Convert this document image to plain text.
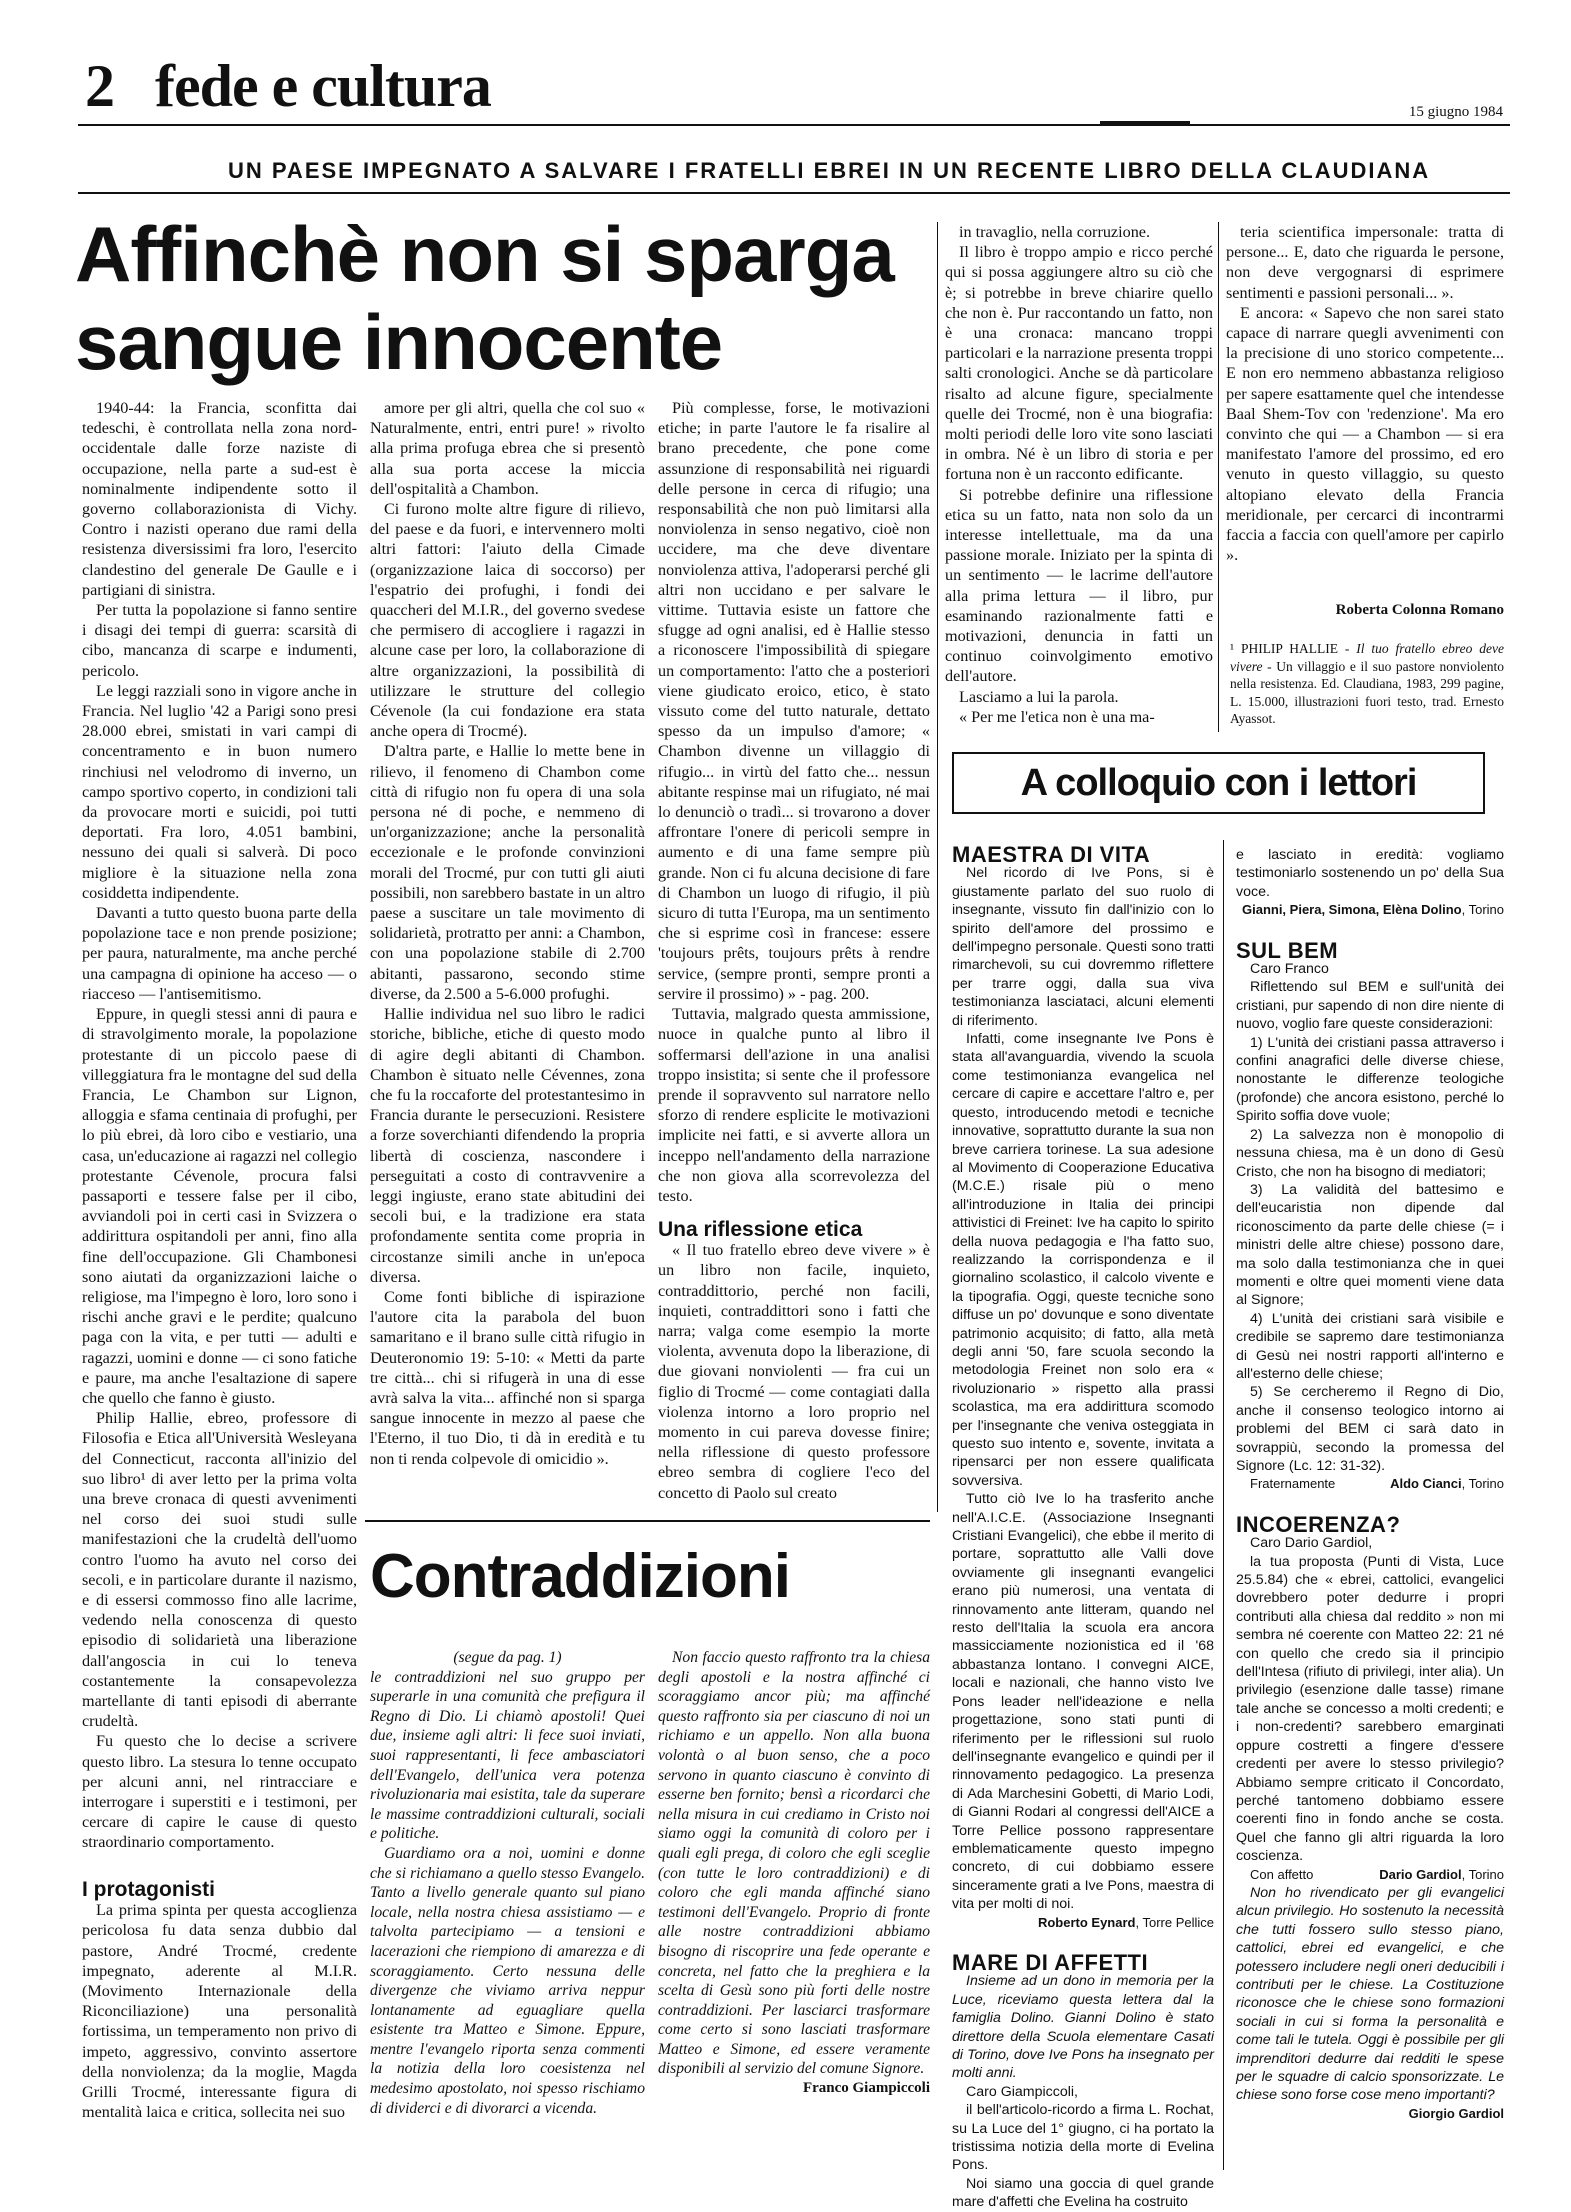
2 fede e cultura	15 giugno 1984
UN PAESE IMPEGNATO A SALVARE I FRATELLI EBREI IN UN RECENTE LIBRO DELLA CLAUDIANA
Affinchè non si sparga sangue innocente

1940-44: la Francia, sconfitta dai tedeschi, è controllata nella zona nord-occidentale dalle forze naziste di occupazione, nella parte a sud-est è nominalmente indipendente sotto il governo collaborazionista di Vichy. Contro i nazisti operano due rami della resistenza diversissimi fra loro, l'esercito clandestino del generale De Gaulle e i partigiani di sinistra.

Per tutta la popolazione si fanno sentire i disagi dei tempi di guerra: scarsità di cibo, mancanza di scarpe e indumenti, pericolo.

Le leggi razziali sono in vigore anche in Francia. Nel luglio '42 a Parigi sono presi 28.000 ebrei, smistati in vari campi di concentramento e in buon numero rinchiusi nel velodromo di inverno, un campo sportivo coperto, in condizioni tali da provocare morti e suicidi, poi tutti deportati. Fra loro, 4.051 bambini, nessuno dei quali si salverà. Di poco migliore è la situazione nella zona cosiddetta indipendente.

Davanti a tutto questo buona parte della popolazione tace e non prende posizione; per paura, naturalmente, ma anche perché una campagna di opinione ha acceso — o riacceso — l'antisemitismo.

Eppure, in quegli stessi anni di paura e di stravolgimento morale, la popolazione protestante di un piccolo paese di villeggiatura fra le montagne del sud della Francia, Le Chambon sur Lignon, alloggia e sfama centinaia di profughi, per lo più ebrei, dà loro cibo e vestiario, una casa, un'educazione ai ragazzi nel collegio protestante Cévenole, procura falsi passaporti e tessere false per il cibo, avviandoli poi in certi casi in Svizzera o addirittura ospitandoli per anni, fino alla fine dell'occupazione. Gli Chambonesi sono aiutati da organizzazioni laiche o religiose, ma l'impegno è loro, loro sono i rischi anche gravi e le perdite; qualcuno paga con la vita, e per tutti — adulti e ragazzi, uomini e donne — ci sono fatiche e paure, ma anche l'esaltazione di sapere che quello che fanno è giusto.

Philip Hallie, ebreo, professore di Filosofia e Etica all'Università Wesleyana del Connecticut, racconta all'inizio del suo libro¹ di aver letto per la prima volta una breve cronaca di questi avvenimenti nel corso dei suoi studi sulle manifestazioni che la crudeltà dell'uomo contro l'uomo ha avuto nel corso dei secoli, e in particolare durante il nazismo, e di essersi commosso fino alle lacrime, vedendo nella conoscenza di questo episodio di solidarietà una liberazione dall'angoscia in cui lo teneva costantemente la consapevolezza martellante di tanti episodi di aberrante crudeltà.

Fu questo che lo decise a scrivere questo libro. La stesura lo tenne occupato per alcuni anni, nel rintracciare e interrogare i superstiti e i testimoni, per cercare di capire le cause di questo straordinario comportamento.

I protagonisti

La prima spinta per questa accoglienza pericolosa fu data senza dubbio dal pastore, André Trocmé, credente impegnato, aderente al M.I.R. (Movimento Internazionale della Riconciliazione) una personalità fortissima, un temperamento non privo di impeto, aggressivo, convinto assertore della nonviolenza; da la moglie, Magda Grilli Trocmé, interessante figura di mentalità laica e critica, sollecita nei suo

amore per gli altri, quella che col suo « Naturalmente, entri, entri pure! » rivolto alla prima profuga ebrea che si presentò alla sua porta accese la miccia dell'ospitalità a Chambon.

Ci furono molte altre figure di rilievo, del paese e da fuori, e intervennero molti altri fattori: l'aiuto della Cimade (organizzazione laica di soccorso) per l'espatrio dei profughi, i fondi dei quaccheri del M.I.R., del governo svedese che permisero di accogliere i ragazzi in alcune case per loro, la collaborazione di altre organizzazioni, la possibilità di utilizzare le strutture del collegio Cévenole (la cui fondazione era stata anche opera di Trocmé).

D'altra parte, e Hallie lo mette bene in rilievo, il fenomeno di Chambon come città di rifugio non fu opera di una sola persona né di poche, e nemmeno di un'organizzazione; anche la personalità eccezionale e le profonde convinzioni morali del Trocmé, pur con tutti gli aiuti possibili, non sarebbero bastate in un altro paese a suscitare un tale movimento di solidarietà, protratto per anni: a Chambon, con una popolazione stabile di 2.700 abitanti, passarono, secondo stime diverse, da 2.500 a 5-6.000 profughi.

Hallie individua nel suo libro le radici storiche, bibliche, etiche di questo modo di agire degli abitanti di Chambon. Chambon è situato nelle Cévennes, zona che fu la roccaforte del protestantesimo in Francia durante le persecuzioni. Resistere a forze soverchianti difendendo la propria libertà di coscienza, nascondere i perseguitati a costo di contravvenire a leggi ingiuste, erano state abitudini dei secoli bui, e la tradizione era stata profondamente sentita come propria in circostanze simili anche in un'epoca diversa.

Come fonti bibliche di ispirazione l'autore cita la parabola del buon samaritano e il brano sulle città rifugio in Deuteronomio 19: 5-10: « Metti da parte tre città... chi si rifugerà in una di esse avrà salva la vita... affinché non si sparga sangue innocente in mezzo al paese che l'Eterno, il tuo Dio, ti dà in eredità e tu non ti renda colpevole di omicidio ».

Più complesse, forse, le motivazioni etiche; in parte l'autore le fa risalire al brano precedente, che pone come assunzione di responsabilità nei riguardi delle persone in cerca di rifugio; una responsabilità che non può limitarsi alla nonviolenza in senso negativo, cioè non uccidere, ma che deve diventare nonviolenza attiva, l'adoperarsi perché gli altri non uccidano e per salvare le vittime. Tuttavia esiste un fattore che sfugge ad ogni analisi, ed è Hallie stesso a riconoscere l'impossibilità di spiegare un comportamento: l'atto che a posteriori viene giudicato eroico, etico, è stato vissuto come del tutto naturale, dettato spesso da un impulso d'amore; « Chambon divenne un villaggio di rifugio... in virtù del fatto che... nessun abitante respinse mai un rifugiato, né mai lo denunciò o tradì... si trovarono a dover affrontare l'onere di pericoli sempre in aumento e di una fame sempre più grande. Non ci fu alcuna decisione di fare di Chambon un luogo di rifugio, il più sicuro di tutta l'Europa, ma un sentimento che si esprime così in francese: essere 'toujours prêts, toujours prêts à rendre service, (sempre pronti, sempre pronti a servire il prossimo) » - pag. 200.

Tuttavia, malgrado questa ammissione, nuoce in qualche punto al libro il soffermarsi dell'azione in una analisi troppo insistita; si sente che il professore prende il sopravvento sul narratore nello sforzo di rendere esplicite le motivazioni implicite nei fatti, e si avverte allora un inceppo nell'andamento della narrazione che non giova alla scorrevolezza del testo.

Una riflessione etica

« Il tuo fratello ebreo deve vivere » è un libro non facile, inquieto, contraddittorio, perché non facili, inquieti, contraddittori sono i fatti che narra; valga come esempio la morte violenta, avvenuta dopo la liberazione, di due giovani nonviolenti — fra cui un figlio di Trocmé — come contagiati dalla violenza intorno a loro proprio nel momento in cui pareva dovesse finire; nella riflessione di questo professore ebreo sembra di cogliere l'eco del concetto di Paolo sul creato

in travaglio, nella corruzione.

Il libro è troppo ampio e ricco perché qui si possa aggiungere altro su ciò che è; si potrebbe in breve chiarire quello che non è. Pur raccontando un fatto, non è una cronaca: mancano troppi particolari e la narrazione presenta troppi salti cronologici. Anche se dà particolare risalto ad alcune figure, specialmente quelle dei Trocmé, non è una biografia: molti periodi delle loro vite sono lasciati in ombra. Né è un libro di storia e per fortuna non è un racconto edificante.

Si potrebbe definire una riflessione etica su un fatto, nata non solo da un interesse intellettuale, ma da una passione morale. Iniziato per la spinta di un sentimento — le lacrime dell'autore alla prima lettura — il libro, pur esaminando razionalmente fatti e motivazioni, denuncia in fatti un continuo coinvolgimento emotivo dell'autore.

Lasciamo a lui la parola.

« Per me l'etica non è una ma-

teria scientifica impersonale: tratta di persone... E, dato che riguarda le persone, non deve vergognarsi di esprimere sentimenti e passioni personali... ».

E ancora: « Sapevo che non sarei stato capace di narrare quegli avvenimenti con la precisione di uno storico competente... E non ero nemmeno abbastanza religioso per sapere esattamente quel che intendesse Baal Shem-Tov con 'redenzione'. Ma ero convinto che qui — a Chambon — si era manifestato l'amore del prossimo, ed ero venuto in questo villaggio, su questo altopiano elevato della Francia meridionale, per cercarci di incontrarmi faccia a faccia con quell'amore per capirlo ».

Roberta Colonna Romano
¹ PHILIP HALLIE - Il tuo fratello ebreo deve vivere - Un villaggio e il suo pastore nonviolento nella resistenza. Ed. Claudiana, 1983, 299 pagine, L. 15.000, illustrazioni fuori testo, trad. Ernesto Ayassot.
Contraddizioni

(segue da pag. 1)

le contraddizioni nel suo gruppo per superarle in una comunità che prefigura il Regno di Dio. Li chiamò apostoli! Quei due, insieme agli altri: li fece suoi inviati, suoi rappresentanti, li fece ambasciatori dell'Evangelo, dell'unica vera potenza rivoluzionaria mai esistita, tale da superare le massime contraddizioni culturali, sociali e politiche.

Guardiamo ora a noi, uomini e donne che si richiamano a quello stesso Evangelo. Tanto a livello generale quanto sul piano locale, nella nostra chiesa assistiamo — e talvolta partecipiamo — a tensioni e lacerazioni che riempiono di amarezza e di scoraggiamento. Certo nessuna delle divergenze che viviamo arriva neppur lontanamente ad eguagliare quella esistente tra Matteo e Simone. Eppure, mentre l'evangelo riporta senza commenti la notizia della loro coesistenza nel medesimo apostolato, noi spesso rischiamo di dividerci e di divorarci a vicenda.

Non faccio questo raffronto tra la chiesa degli apostoli e la nostra affinché ci scoraggiamo ancor più; ma affinché questo raffronto sia per ciascuno di noi un richiamo e un appello. Non alla buona volontà o al buon senso, che a poco servono in quanto ciascuno è convinto di esserne ben fornito; bensì a ricordarci che nella misura in cui crediamo in Cristo noi siamo oggi la comunità di coloro per i quali egli prega, di coloro che egli sceglie (con tutte le loro contraddizioni) e di coloro che egli manda affinché siano testimoni dell'Evangelo. Proprio di fronte alle nostre contraddizioni abbiamo bisogno di riscoprire una fede operante e concreta, nel fatto che la preghiera e la scelta di Gesù sono più forti delle nostre contraddizioni. Per lasciarci trasformare come certo si sono lasciati trasformare Matteo e Simone, ed essere veramente disponibili al servizio del comune Signore.

Franco Giampiccoli

A colloquio con i lettori

MAESTRA DI VITA

Nel ricordo di Ive Pons, si è giustamente parlato del suo ruolo di insegnante, vissuto fin dall'inizio con lo spirito dell'amore del prossimo e dell'impegno personale. Questi sono tratti rimarchevoli, su cui dovremmo riflettere per trarre oggi, dalla sua viva testimonianza lasciataci, alcuni elementi di riferimento.

Infatti, come insegnante Ive Pons è stata all'avanguardia, vivendo la scuola come testimonianza evangelica nel cercare di capire e accettare l'altro e, per questo, introducendo metodi e tecniche innovative, soprattutto durante la sua non breve carriera torinese. La sua adesione al Movimento di Cooperazione Educativa (M.C.E.) risale più o meno all'introduzione in Italia dei principi attivistici di Freinet: Ive ha capito lo spirito della nuova pedagogia e l'ha fatto suo, realizzando la corrispondenza e il giornalino scolastico, il calcolo vivente e la tipografia. Oggi, queste tecniche sono diffuse un po' dovunque e sono diventate patrimonio acquisito; di fatto, alla metà degli anni '50, fare scuola secondo la metodologia Freinet non solo era « rivoluzionario » rispetto alla prassi scolastica, ma era addirittura scomodo per l'insegnante che veniva osteggiata in questo suo intento e, sovente, invitata a ripensarci per non essere qualificata sovversiva.

Tutto ciò Ive lo ha trasferito anche nell'A.I.C.E. (Associazione Insegnanti Cristiani Evangelici), che ebbe il merito di portare, soprattutto alle Valli dove ovviamente gli insegnanti evangelici erano più numerosi, una ventata di rinnovamento ante litteram, quando nel resto dell'Italia la scuola era ancora massicciamente nozionistica ed il '68 abbastanza lontano. I convegni AICE, locali e nazionali, che hanno visto Ive Pons leader nell'ideazione e nella progettazione, sono stati punti di riferimento per le riflessioni sul ruolo dell'insegnante evangelico e quindi per il rinnovamento pedagogico. La presenza di Ada Marchesini Gobetti, di Mario Lodi, di Gianni Rodari al congressi dell'AICE a Torre Pellice possono rappresentare emblematicamente questo impegno concreto, di cui dobbiamo essere sinceramente grati a Ive Pons, maestra di vita per molti di noi.

Roberto Eynard, Torre Pellice

MARE DI AFFETTI

Insieme ad un dono in memoria per la Luce, riceviamo questa lettera dal la famiglia Dolino. Gianni Dolino è stato direttore della Scuola elementare Casati di Torino, dove Ive Pons ha insegnato per molti anni.

Caro Giampiccoli,

il bell'articolo-ricordo a firma L. Rochat, su La Luce del 1° giugno, ci ha portato la tristissima notizia della morte di Evelina Pons.

Noi siamo una goccia di quel grande mare d'affetti che Evelina ha costruito

e lasciato in eredità: vogliamo testimoniarlo sostenendo un po' della Sua voce.

Gianni, Piera, Simona, Elèna Dolino, Torino

SUL BEM

Caro Franco

Riflettendo sul BEM e sull'unità dei cristiani, pur sapendo di non dire niente di nuovo, voglio fare queste considerazioni:

1) L'unità dei cristiani passa attraverso i confini anagrafici delle diverse chiese, nonostante le differenze teologiche (profonde) che ancora esistono, perché lo Spirito soffia dove vuole;

2) La salvezza non è monopolio di nessuna chiesa, ma è un dono di Gesù Cristo, che non ha bisogno di mediatori;

3) La validità del battesimo e dell'eucaristia non dipende dal riconoscimento da parte delle chiese (= i ministri delle altre chiese) possono dare, ma solo dalla testimonianza che in quei momenti e oltre quei momenti viene data al Signore;

4) L'unità dei cristiani sarà visibile e credibile se sapremo dare testimonianza di Gesù nei nostri rapporti all'interno e all'esterno delle chiese;

5) Se cercheremo il Regno di Dio, anche il consenso teologico intorno ai problemi del BEM ci sarà dato in sovrappiù, secondo la promessa del Signore (Lc. 12: 31-32).

Fraternamente	Aldo Cianci, Torino

INCOERENZA?

Caro Dario Gardiol,

la tua proposta (Punti di Vista, Luce 25.5.84) che « ebrei, cattolici, evangelici dovrebbero poter dedurre i propri contributi alla chiesa dal reddito » non mi sembra né coerente con Matteo 22: 21 né con quello che credo sia il principio dell'Intesa (rifiuto di privilegi, inter alia). Un privilegio (esenzione dalle tasse) rimane tale anche se concesso a molti credenti; e i non-credenti? sarebbero emarginati oppure costretti a fingere d'essere credenti per avere lo stesso privilegio? Abbiamo sempre criticato il Concordato, perché tantomeno dobbiamo essere coerenti fino in fondo anche se costa. Quel che fanno gli altri riguarda la loro coscienza.

Con affetto	Dario Gardiol, Torino

Non ho rivendicato per gli evangelici alcun privilegio. Ho sostenuto la necessità che tutti fossero sullo stesso piano, cattolici, ebrei ed evangelici, e che potessero includere negli oneri deducibili i contributi per le chiese. La Costituzione riconosce che le chiese sono formazioni sociali in cui si forma la personalità e come tali le tutela. Oggi è possibile per gli imprenditori dedurre dai redditi le spese per le squadre di calcio sponsorizzate. Le chiese sono forse cose meno importanti?

Giorgio Gardiol
